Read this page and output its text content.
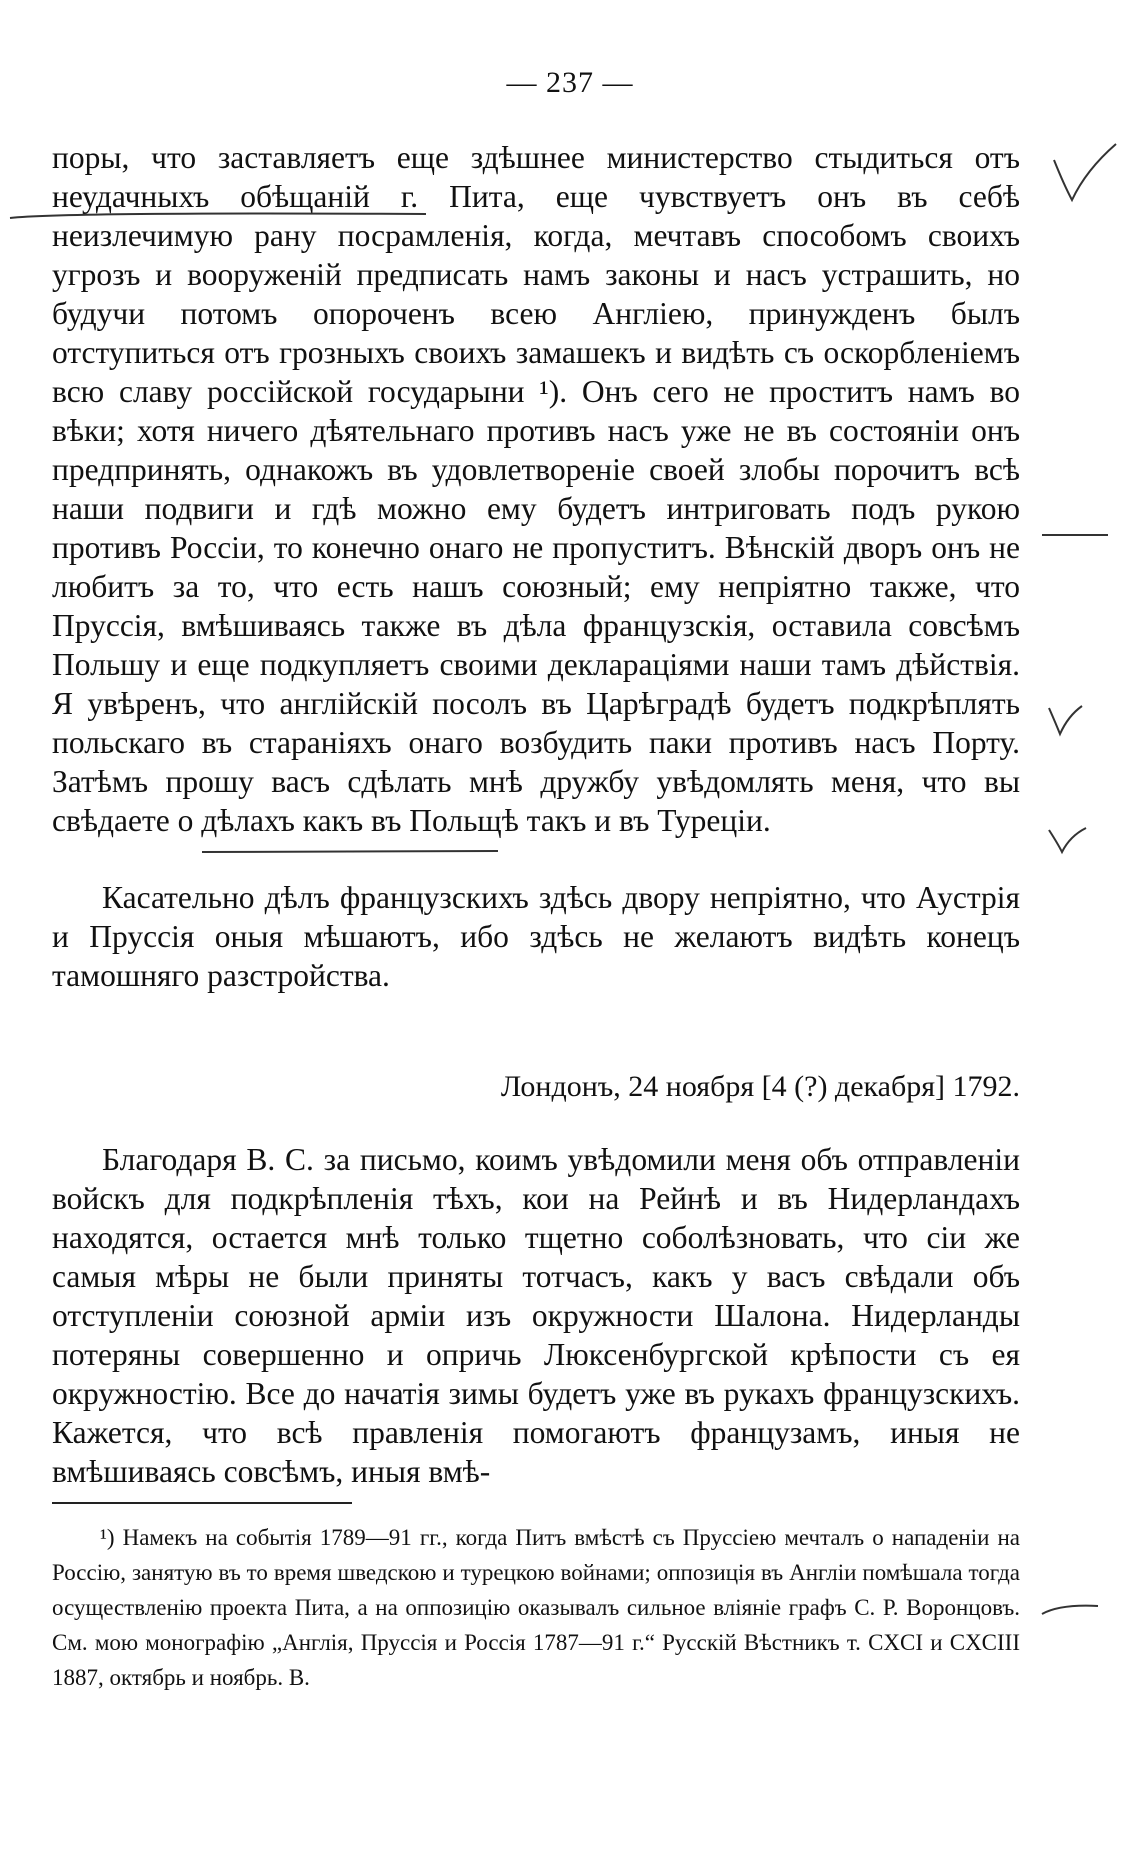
— 237 —

поры, что заставляетъ еще здѣшнее министерство стыдиться отъ неудачныхъ обѣщаній г. Пита, еще чувствуетъ онъ въ себѣ неизлечимую рану посрамленія, когда, мечтавъ способомъ своихъ угрозъ и вооруженій предписать намъ законы и насъ устрашить, но будучи потомъ опороченъ всею Англіею, принужденъ былъ отступиться отъ грозныхъ своихъ замашекъ и видѣть съ оскорбленіемъ всю славу россійской государыни ¹). Онъ сего не проститъ намъ во вѣки; хотя ничего дѣятельнаго противъ насъ уже не въ состояніи онъ предпринять, однакожъ въ удовлетвореніе своей злобы порочитъ всѣ наши подвиги и гдѣ можно ему будетъ интриговать подъ рукою противъ Россіи, то конечно онаго не пропуститъ. Вѣнскій дворъ онъ не любитъ за то, что есть нашъ союзный; ему непріятно также, что Пруссія, вмѣшиваясь также въ дѣла французскія, оставила совсѣмъ Польшу и еще подкупляетъ своими декларацiями наши тамъ дѣйствія. Я увѣренъ, что англійскій посолъ въ Царѣградѣ будетъ подкрѣплять польскаго въ стараніяхъ онаго возбудить паки противъ насъ Порту. Затѣмъ прошу васъ сдѣлать мнѣ дружбу увѣдомлять меня, что вы свѣдаете о дѣлахъ какъ въ Польщѣ такъ и въ Турецiи.

Касательно дѣлъ французскихъ здѣсь двору непріятно, что Аустрія и Пруссія оныя мѣшаютъ, ибо здѣсь не желаютъ видѣть конецъ тамошняго разстройства.

Лондонъ, 24 ноября [4 (?) декабря] 1792.

Благодаря В. С. за письмо, коимъ увѣдомили меня объ отправленіи войскъ для подкрѣпленія тѣхъ, кои на Рейнѣ и въ Нидерландахъ находятся, остается мнѣ только тщетно соболѣзновать, что сіи же самыя мѣры не были приняты тотчасъ, какъ у васъ свѣдали объ отступленіи союзной арміи изъ окружности Шалона. Нидерланды потеряны совершенно и опричь Люксенбургской крѣпости съ ея окружностію. Все до начатія зимы будетъ уже въ рукахъ французскихъ. Кажется, что всѣ правленія помогаютъ французамъ, иныя не вмѣшиваясь совсѣмъ, иныя вмѣ-

¹) Намекъ на событія 1789—91 гг., когда Питъ вмѣстѣ съ Пруссіею мечталъ о нападеніи на Россію, занятую въ то время шведскою и турецкою войнами; оппозиція въ Англіи помѣшала тогда осуществленію проекта Пита, а на оппозицію оказывалъ сильное вліяніе графъ С. Р. Воронцовъ. См. мою монографію „Англія, Пруссія и Россія 1787—91 г.“ Русскій Вѣстникъ т. CXCI и CXCIII 1887, октябрь и ноябрь. В.
